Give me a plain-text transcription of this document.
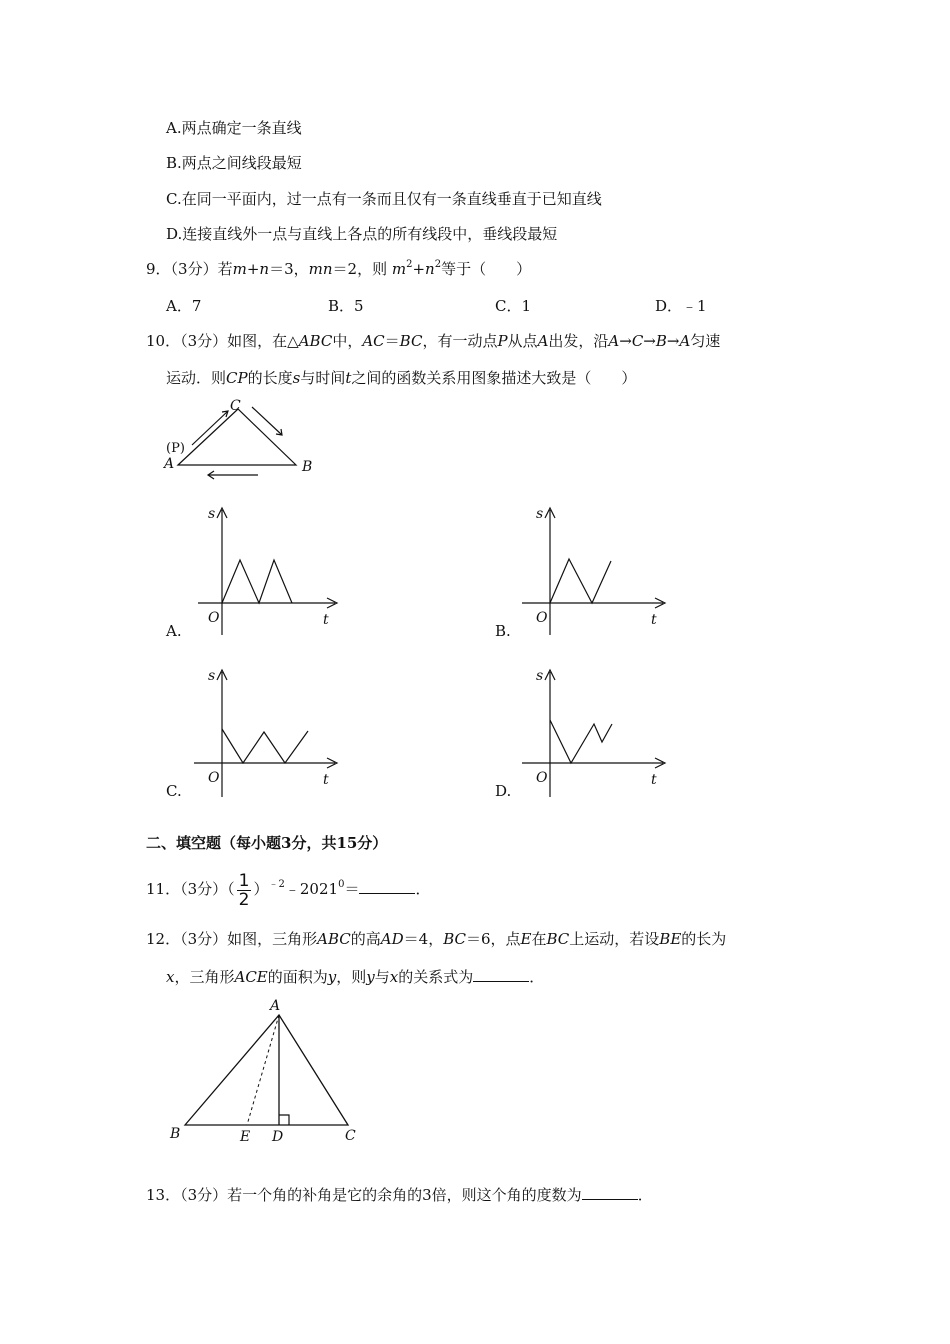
A.两点确定一条直线
B.两点之间线段最短
C.在同一平面内，过一点有一条而且仅有一条直线垂直于已知直线
D.连接直线外一点与直线上各点的所有线段中，垂线段最短
9．（3分）若m+n＝3，mn＝2，则 $m^2+n^2$等于（　　）
A．7	B．5	C．1	D．﹣1
10．（3分）如图，在△ABC中，AC＝BC，有一动点P从点A出发，沿A→C→B→A匀速
运动．则CP的长度s与时间t之间的函数关系用图象描述大致是（　　）
C
A	B
(P)
s
O	t
A.
s
O	t
B.
s
O	t
C.
s
O	t
D.
二、填空题（每小题3分，共15分）
11．（3分）（ $\frac{1}{2}$ ）$^{﹣2}﹣2021^0=$	．
12．（3分）如图，三角形ABC的高AD＝4，BC＝6，点E在BC上运动，若设BE的长为
x，三角形ACE的面积为y，则y与x的关系式为	．
A
B	E D	C
13．（3分）若一个角的补角是它的余角的3倍，则这个角的度数为	．
